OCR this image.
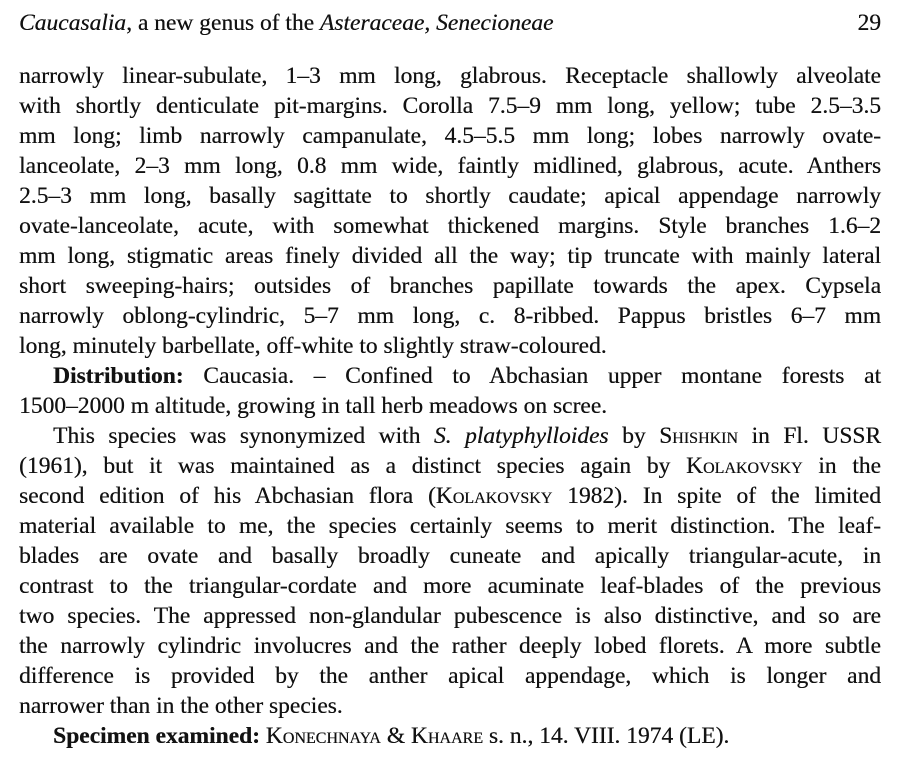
Caucasalia, a new genus of the Asteraceae, Senecioneae	29
narrowly linear-subulate, 1–3 mm long, glabrous. Receptacle shallowly alveolate
with shortly denticulate pit-margins. Corolla 7.5–9 mm long, yellow; tube 2.5–3.5
mm long; limb narrowly campanulate, 4.5–5.5 mm long; lobes narrowly ovate-
lanceolate, 2–3 mm long, 0.8 mm wide, faintly midlined, glabrous, acute. Anthers
2.5–3 mm long, basally sagittate to shortly caudate; apical appendage narrowly
ovate-lanceolate, acute, with somewhat thickened margins. Style branches 1.6–2
mm long, stigmatic areas finely divided all the way; tip truncate with mainly lateral
short sweeping-hairs; outsides of branches papillate towards the apex. Cypsela
narrowly oblong-cylindric, 5–7 mm long, c. 8-ribbed. Pappus bristles 6–7 mm
long, minutely barbellate, off-white to slightly straw-coloured.
Distribution: Caucasia. – Confined to Abchasian upper montane forests at
1500–2000 m altitude, growing in tall herb meadows on scree.
This species was synonymized with S. platyphylloides by Shishkin in Fl. USSR
(1961), but it was maintained as a distinct species again by Kolakovsky in the
second edition of his Abchasian flora (Kolakovsky 1982). In spite of the limited
material available to me, the species certainly seems to merit distinction. The leaf-
blades are ovate and basally broadly cuneate and apically triangular-acute, in
contrast to the triangular-cordate and more acuminate leaf-blades of the previous
two species. The appressed non-glandular pubescence is also distinctive, and so are
the narrowly cylindric involucres and the rather deeply lobed florets. A more subtle
difference is provided by the anther apical appendage, which is longer and
narrower than in the other species.
Specimen examined: Konechnaya & Khaare s. n., 14. VIII. 1974 (LE).
